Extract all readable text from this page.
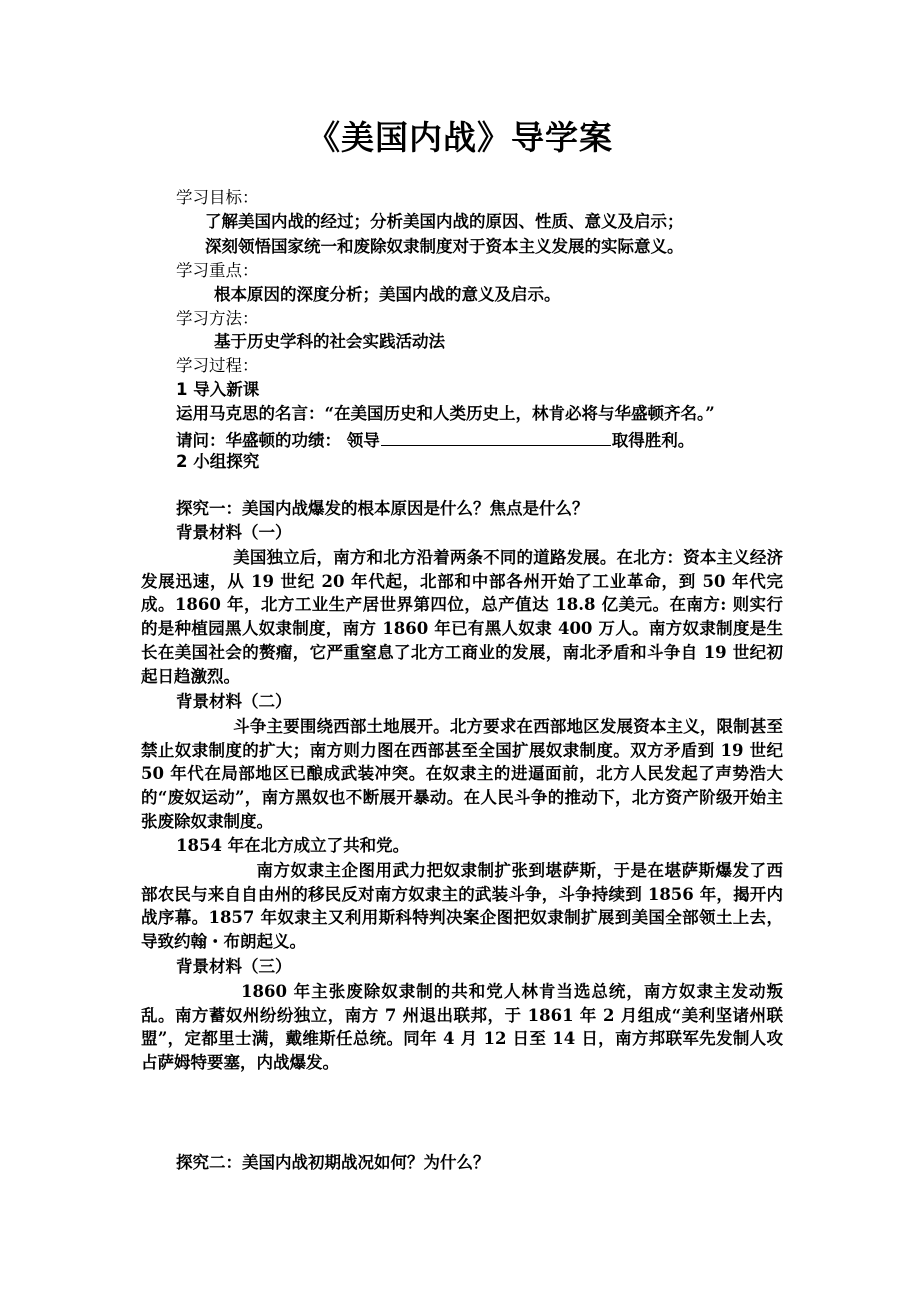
《美国内战》导学案
学习目标：
了解美国内战的经过；分析美国内战的原因、性质、意义及启示；
深刻领悟国家统一和废除奴隶制度对于资本主义发展的实际意义。
学习重点：
根本原因的深度分析；美国内战的意义及启示。
学习方法：
基于历史学科的社会实践活动法
学习过程：
1 导入新课
运用马克思的名言：“在美国历史和人类历史上，林肯必将与华盛顿齐名。”
请问：华盛顿的功绩： 领导	取得胜利。
2 小组探究
探究一：美国内战爆发的根本原因是什么？焦点是什么？
背景材料（一）
美国独立后，南方和北方沿着两条不同的道路发展。在北方：资本主义经济发展迅速，从 19 世纪 20 年代起，北部和中部各州开始了工业革命，到 50 年代完成。1860 年，北方工业生产居世界第四位，总产值达 18.8 亿美元。在南方: 则实行的是种植园黑人奴隶制度，南方 1860 年已有黑人奴隶 400 万人。南方奴隶制度是生长在美国社会的赘瘤，它严重窒息了北方工商业的发展，南北矛盾和斗争自 19 世纪初起日趋激烈。
背景材料（二）
斗争主要围绕西部土地展开。北方要求在西部地区发展资本主义，限制甚至禁止奴隶制度的扩大；南方则力图在西部甚至全国扩展奴隶制度。双方矛盾到 19 世纪 50 年代在局部地区已酿成武装冲突。在奴隶主的进逼面前，北方人民发起了声势浩大的“废奴运动”，南方黑奴也不断展开暴动。在人民斗争的推动下，北方资产阶级开始主张废除奴隶制度。
1854 年在北方成立了共和党。
南方奴隶主企图用武力把奴隶制扩张到堪萨斯，于是在堪萨斯爆发了西部农民与来自自由州的移民反对南方奴隶主的武装斗争，斗争持续到 1856 年，揭开内战序幕。1857 年奴隶主又利用斯科特判决案企图把奴隶制扩展到美国全部领土上去，导致约翰・布朗起义。
背景材料（三）
1860 年主张废除奴隶制的共和党人林肯当选总统，南方奴隶主发动叛乱。南方蓄奴州纷纷独立，南方 7 州退出联邦，于 1861 年 2 月组成“美利坚诸州联盟”，定都里士满，戴维斯任总统。同年 4 月 12 日至 14 日，南方邦联军先发制人攻占萨姆特要塞，内战爆发。
探究二：美国内战初期战况如何？为什么？
